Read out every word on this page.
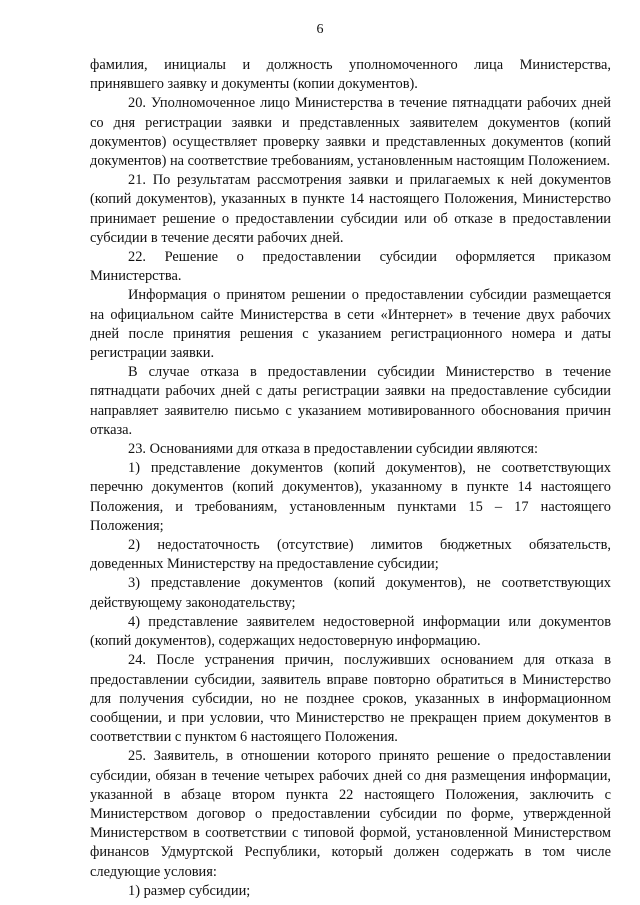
6

фамилия, инициалы и должность уполномоченного лица Министерства, принявшего заявку и документы (копии документов).

20. Уполномоченное лицо Министерства в течение пятнадцати рабочих дней со дня регистрации заявки и представленных заявителем документов (копий документов) осуществляет проверку заявки и представленных документов (копий документов) на соответствие требованиям, установленным настоящим Положением.

21. По результатам рассмотрения заявки и прилагаемых к ней документов (копий документов), указанных в пункте 14 настоящего Положения, Министерство принимает решение о предоставлении субсидии или об отказе в предоставлении субсидии в течение десяти рабочих дней.

22. Решение о предоставлении субсидии оформляется приказом Министерства.

Информация о принятом решении о предоставлении субсидии размещается на официальном сайте Министерства в сети «Интернет» в течение двух рабочих дней после принятия решения с указанием регистрационного номера и даты регистрации заявки.

В случае отказа в предоставлении субсидии Министерство в течение пятнадцати рабочих дней с даты регистрации заявки на предоставление субсидии направляет заявителю письмо с указанием мотивированного обоснования причин отказа.

23. Основаниями для отказа в предоставлении субсидии являются:

1) представление документов (копий документов), не соответствующих перечню документов (копий документов), указанному в пункте 14 настоящего Положения, и требованиям, установленным пунктами 15 – 17 настоящего Положения;

2) недостаточность (отсутствие) лимитов бюджетных обязательств, доведенных Министерству на предоставление субсидии;

3) представление документов (копий документов), не соответствующих действующему законодательству;

4) представление заявителем недостоверной информации или документов (копий документов), содержащих недостоверную информацию.

24. После устранения причин, послуживших основанием для отказа в предоставлении субсидии, заявитель вправе повторно обратиться в Министерство для получения субсидии, но не позднее сроков, указанных в информационном сообщении, и при условии, что Министерство не прекращен прием документов в соответствии с пунктом 6 настоящего Положения.

25. Заявитель, в отношении которого принято решение о предоставлении субсидии, обязан в течение четырех рабочих дней со дня размещения информации, указанной в абзаце втором пункта 22 настоящего Положения, заключить с Министерством договор о предоставлении субсидии по форме, утвержденной Министерством в соответствии с типовой формой, установленной Министерством финансов Удмуртской Республики, который должен содержать в том числе следующие условия:

1) размер субсидии;
